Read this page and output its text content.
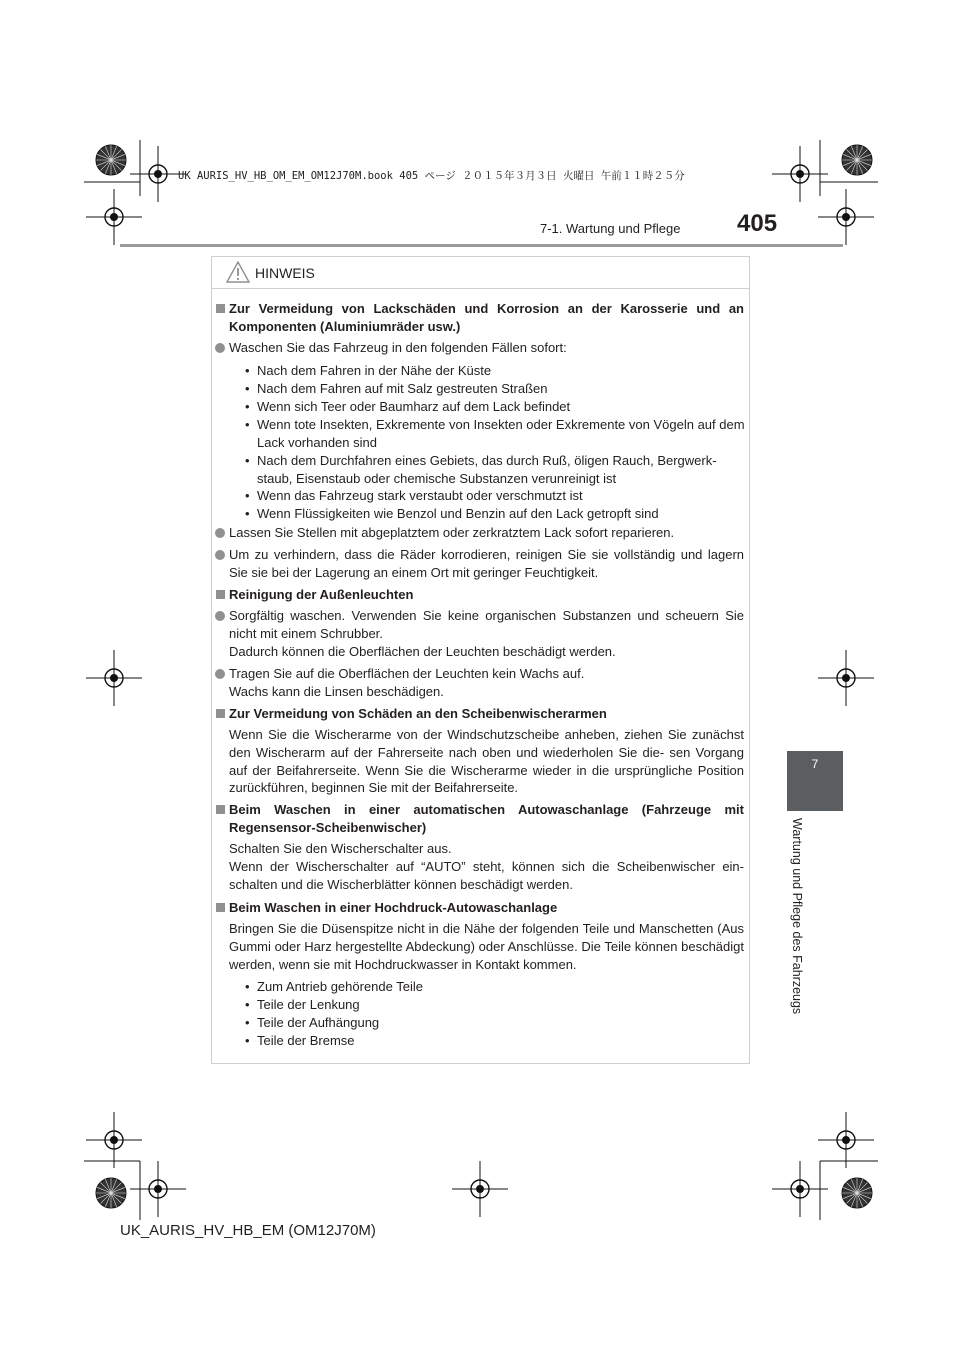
UK AURIS_HV_HB_OM_EM_OM12J70M.book 405 ページ ２０１５年３月３日 火曜日 午前１１時２５分
7-1. Wartung und Pflege 405
7
Wartung und Pflege des Fahrzeugs
HINWEIS
Zur Vermeidung von Lackschäden und Korrosion an der Karosserie und an Komponenten (Aluminiumräder usw.)
Waschen Sie das Fahrzeug in den folgenden Fällen sofort:
• Nach dem Fahren in der Nähe der Küste
• Nach dem Fahren auf mit Salz gestreuten Straßen
• Wenn sich Teer oder Baumharz auf dem Lack befindet
• Wenn tote Insekten, Exkremente von Insekten oder Exkremente von Vögeln auf dem Lack vorhanden sind
• Nach dem Durchfahren eines Gebiets, das durch Ruß, öligen Rauch, Bergwerk- staub, Eisenstaub oder chemische Substanzen verunreinigt ist
• Wenn das Fahrzeug stark verstaubt oder verschmutzt ist
• Wenn Flüssigkeiten wie Benzol und Benzin auf den Lack getropft sind
Lassen Sie Stellen mit abgeplatztem oder zerkratztem Lack sofort reparieren.
Um zu verhindern, dass die Räder korrodieren, reinigen Sie sie vollständig und lagern Sie sie bei der Lagerung an einem Ort mit geringer Feuchtigkeit.
Reinigung der Außenleuchten
Sorgfältig waschen. Verwenden Sie keine organischen Substanzen und scheuern Sie nicht mit einem Schrubber.
Dadurch können die Oberflächen der Leuchten beschädigt werden.
Tragen Sie auf die Oberflächen der Leuchten kein Wachs auf.
Wachs kann die Linsen beschädigen.
Zur Vermeidung von Schäden an den Scheibenwischerarmen
Wenn Sie die Wischerarme von der Windschutzscheibe anheben, ziehen Sie zunächst den Wischerarm auf der Fahrerseite nach oben und wiederholen Sie die- sen Vorgang auf der Beifahrerseite. Wenn Sie die Wischerarme wieder in die ursprüngliche Position zurückführen, beginnen Sie mit der Beifahrerseite.
Beim Waschen in einer automatischen Autowaschanlage (Fahrzeuge mit Regensensor-Scheibenwischer)
Schalten Sie den Wischerschalter aus.
Wenn der Wischerschalter auf “AUTO” steht, können sich die Scheibenwischer ein- schalten und die Wischerblätter können beschädigt werden.
Beim Waschen in einer Hochdruck-Autowaschanlage
Bringen Sie die Düsenspitze nicht in die Nähe der folgenden Teile und Manschetten (Aus Gummi oder Harz hergestellte Abdeckung) oder Anschlüsse. Die Teile können beschädigt werden, wenn sie mit Hochdruckwasser in Kontakt kommen.
• Zum Antrieb gehörende Teile
• Teile der Lenkung
• Teile der Aufhängung
• Teile der Bremse
UK_AURIS_HV_HB_EM (OM12J70M)
